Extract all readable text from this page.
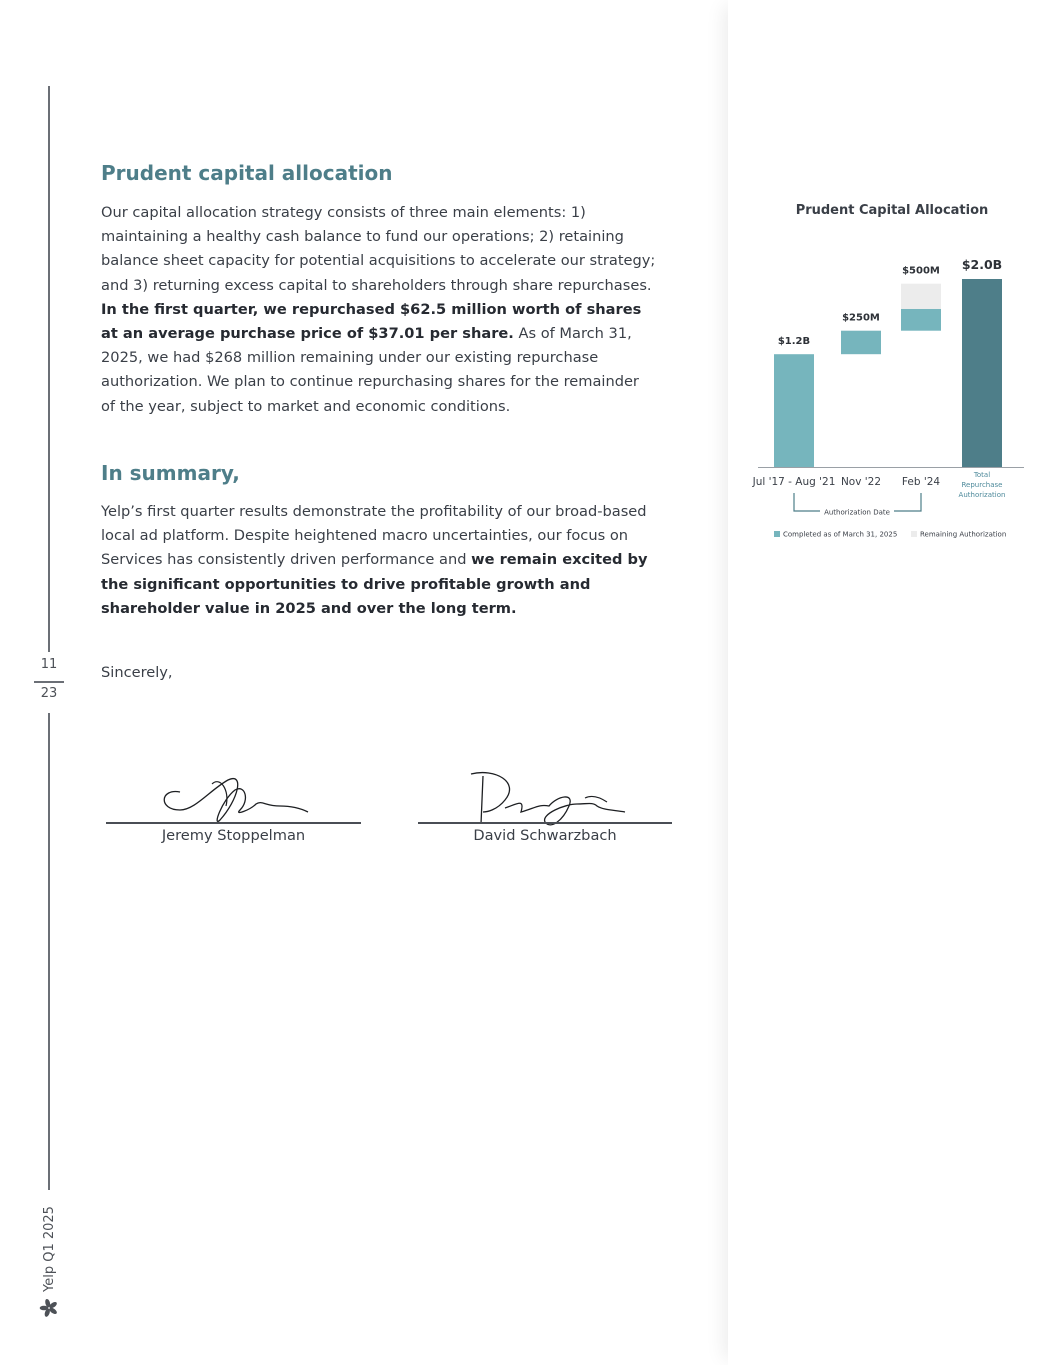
11
23
Yelp Q1 2025
Prudent capital allocation
Our capital allocation strategy consists of three main elements: 1) maintaining a healthy cash balance to fund our operations; 2) retaining balance sheet capacity for potential acquisitions to accelerate our strategy; and 3) returning excess capital to shareholders through share repurchases. In the first quarter, we repurchased $62.5 million worth of shares at an average purchase price of $37.01 per share. As of March 31, 2025, we had $268 million remaining under our existing repurchase authorization. We plan to continue repurchasing shares for the remainder of the year, subject to market and economic conditions.
In summary,
Yelp’s first quarter results demonstrate the profitability of our broad-based local ad platform. Despite heightened macro uncertainties, our focus on Services has consistently driven performance and we remain excited by the significant opportunities to drive profitable growth and shareholder value in 2025 and over the long term.
Sincerely,
Jeremy Stoppelman	David Schwarzbach
Prudent Capital Allocation
$1.2B
$250M
$500M $2.0B
Jul '17 - Aug '21 Nov '22 Feb '24
Total
Repurchase
Authorization
Authorization Date
Completed as of March 31, 2025	Remaining Authorization
